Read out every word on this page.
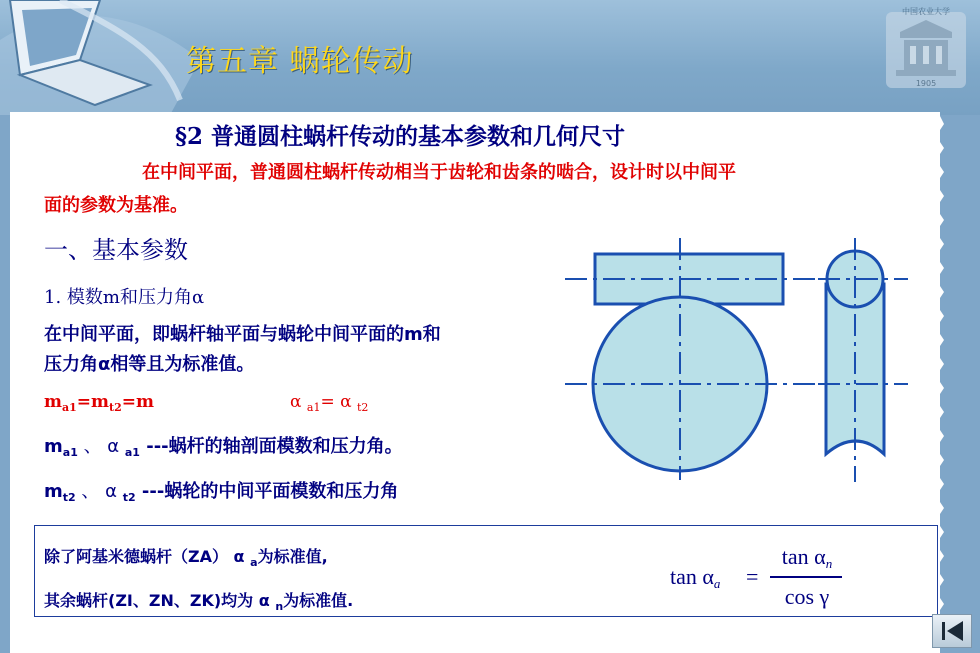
第五章 蜗轮传动
1905
中国农业大学
§2 普通圆柱蜗杆传动的基本参数和几何尺寸
在中间平面，普通圆柱蜗杆传动相当于齿轮和齿条的啮合，设计时以中间平
面的参数为基准。
一、基本参数
1. 模数m和压力角α
在中间平面，即蜗杆轴平面与蜗轮中间平面的m和
压力角α相等且为标准值。
$m_{a1}=m_{t2}=m$	α $_{a1}$= α $_{t2}$
$m_{a1}$ 、 α $_{a1}$ ---蜗杆的轴剖面模数和压力角。
$m_{t2}$ 、 α $_{t2}$ ---蜗轮的中间平面模数和压力角
除了阿基米德蜗杆（ZA） α $_a$为标准值,
其余蜗杆(ZI、ZN、ZK)均为 α $_n$为标准值.
tan αa =
tan αn
cos γ
